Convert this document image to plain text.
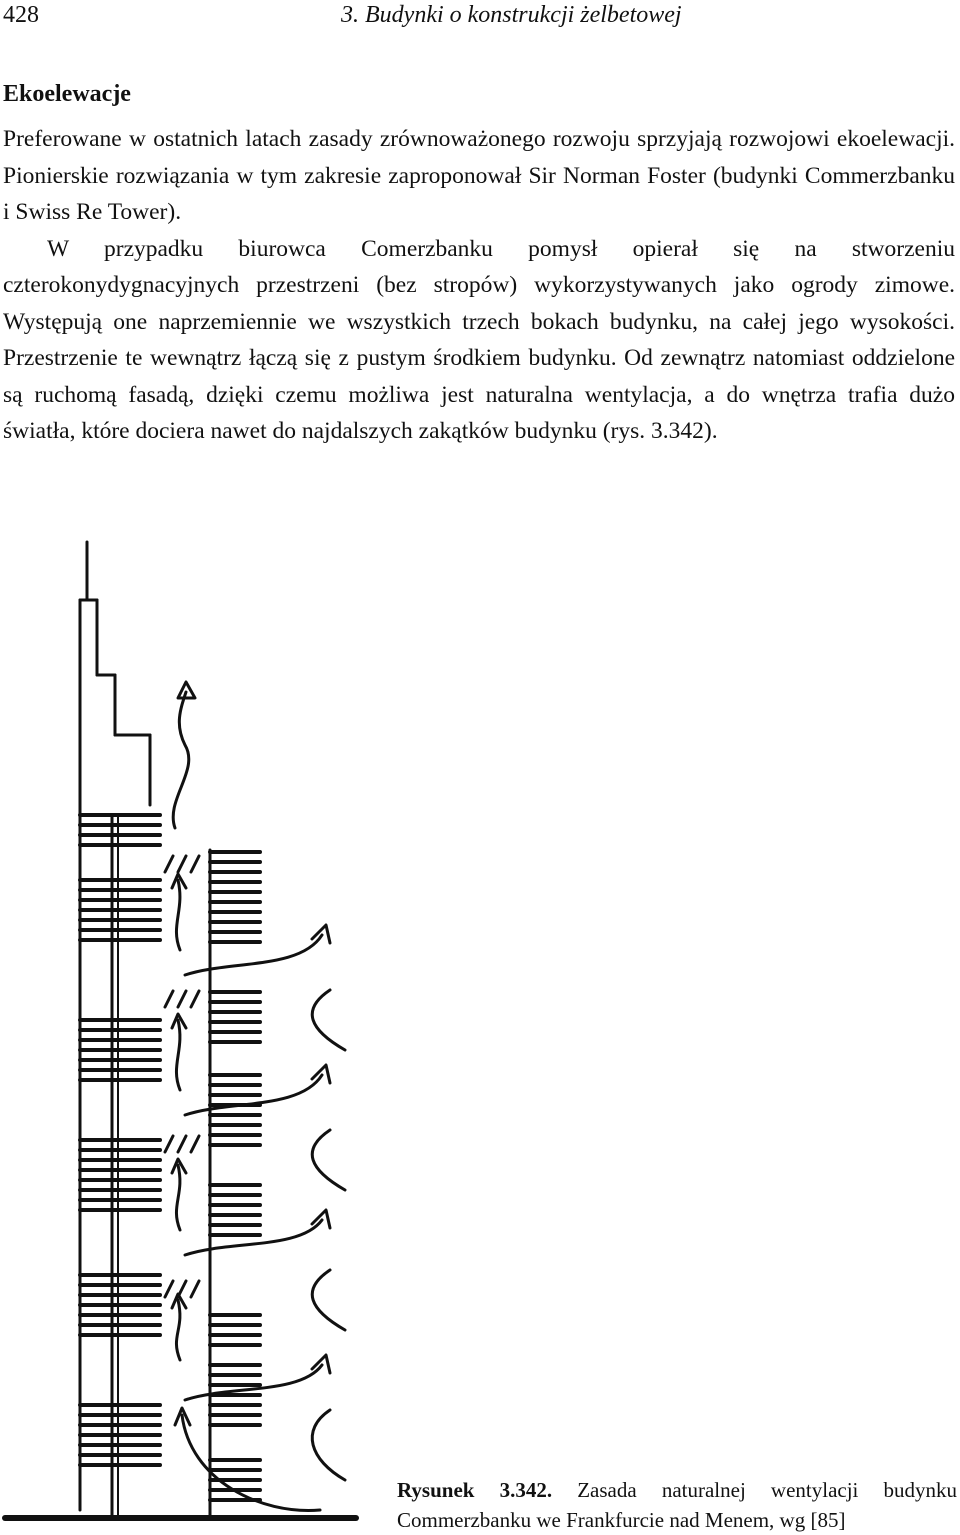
428	3. Budynki o konstrukcji żelbetowej
Ekoelewacje

Preferowane w ostatnich latach zasady zrównoważonego rozwoju sprzyjają rozwojowi ekoelewacji. Pionierskie rozwiązania w tym zakresie zaproponował Sir Norman Foster (budynki Commerzbanku i Swiss Re Tower).

W przypadku biurowca Comerzbanku pomysł opierał się na stworzeniu czterokonydygnacyjnych przestrzeni (bez stropów) wykorzystywanych jako ogrody zimowe. Występują one naprzemiennie we wszystkich trzech bokach budynku, na całej jego wysokości. Przestrzenie te wewnątrz łączą się z pustym środkiem budynku. Od zewnątrz natomiast oddzielone są ruchomą fasadą, dzięki czemu możliwa jest naturalna wentylacja, a do wnętrza trafia dużo światła, które dociera nawet do najdalszych zakątków budynku (rys. 3.342).

Rysunek 3.342. Zasada naturalnej wentylacji budynku Commerzbanku we Frankfurcie nad Menem, wg [85]
